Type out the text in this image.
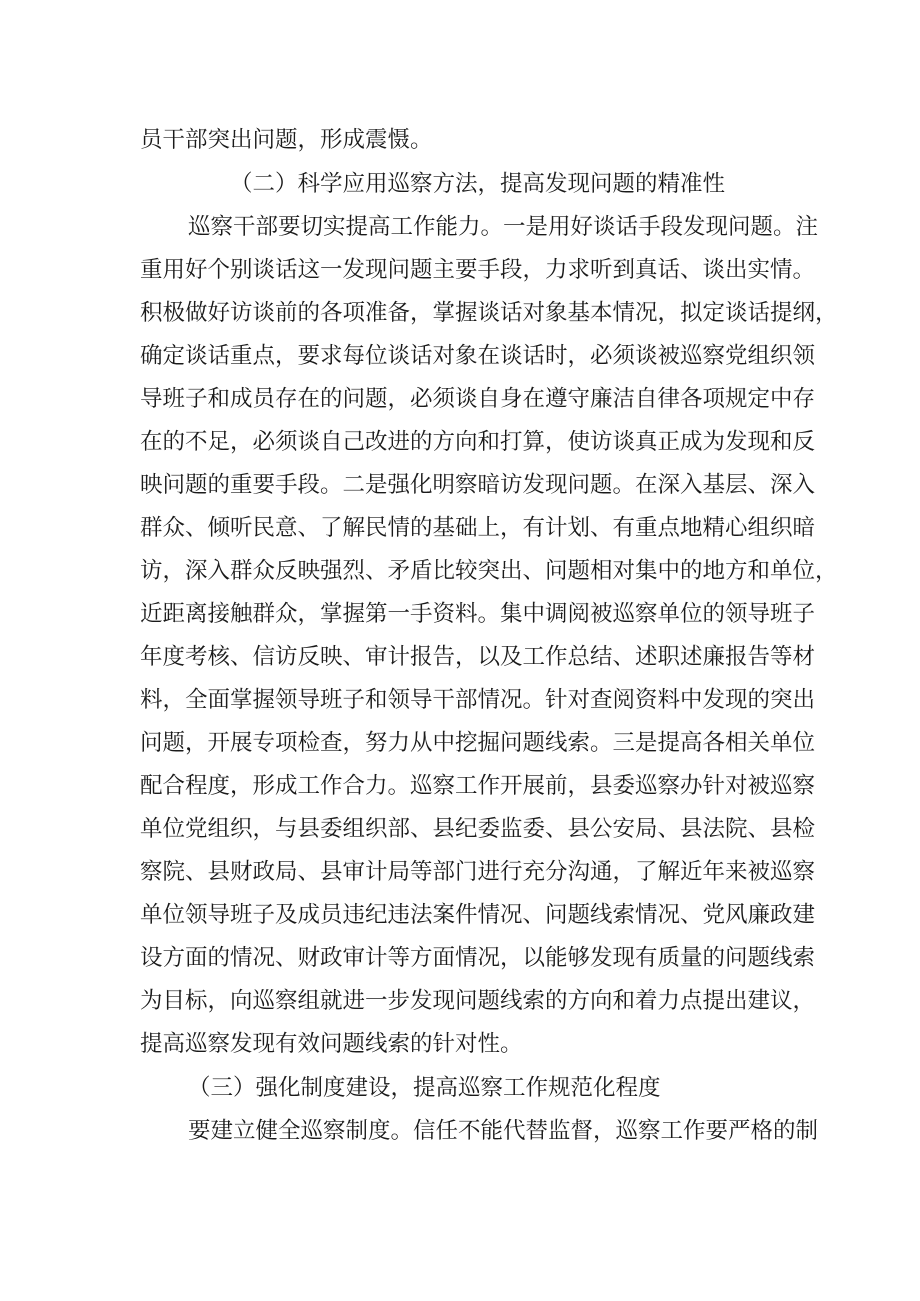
员干部突出问题，形成震慑。
（二）科学应用巡察方法，提高发现问题的精准性
巡察干部要切实提高工作能力。一是用好谈话手段发现问题。注
重用好个别谈话这一发现问题主要手段，力求听到真话、谈出实情。
积极做好访谈前的各项准备，掌握谈话对象基本情况，拟定谈话提纲，
确定谈话重点，要求每位谈话对象在谈话时，必须谈被巡察党组织领
导班子和成员存在的问题，必须谈自身在遵守廉洁自律各项规定中存
在的不足，必须谈自己改进的方向和打算，使访谈真正成为发现和反
映问题的重要手段。二是强化明察暗访发现问题。在深入基层、深入
群众、倾听民意、了解民情的基础上，有计划、有重点地精心组织暗
访，深入群众反映强烈、矛盾比较突出、问题相对集中的地方和单位，
近距离接触群众，掌握第一手资料。集中调阅被巡察单位的领导班子
年度考核、信访反映、审计报告，以及工作总结、述职述廉报告等材
料，全面掌握领导班子和领导干部情况。针对查阅资料中发现的突出
问题，开展专项检查，努力从中挖掘问题线索。三是提高各相关单位
配合程度，形成工作合力。巡察工作开展前，县委巡察办针对被巡察
单位党组织，与县委组织部、县纪委监委、县公安局、县法院、县检
察院、县财政局、县审计局等部门进行充分沟通，了解近年来被巡察
单位领导班子及成员违纪违法案件情况、问题线索情况、党风廉政建
设方面的情况、财政审计等方面情况，以能够发现有质量的问题线索
为目标，向巡察组就进一步发现问题线索的方向和着力点提出建议，
提高巡察发现有效问题线索的针对性。
（三）强化制度建设，提高巡察工作规范化程度
要建立健全巡察制度。信任不能代替监督，巡察工作要严格的制
